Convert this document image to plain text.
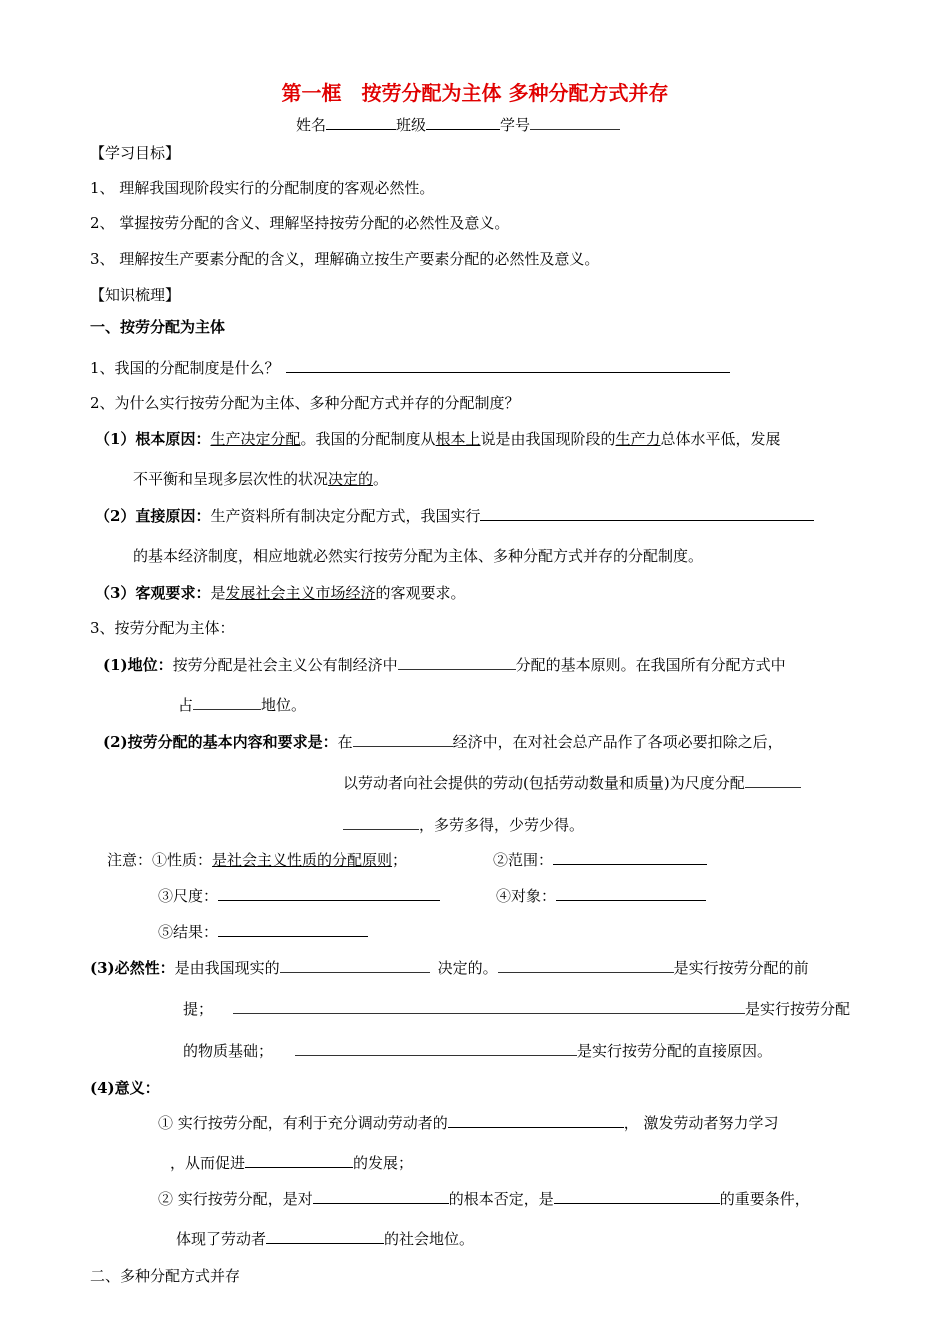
第一框　按劳分配为主体 多种分配方式并存
姓名	班级	学号
【学习目标】
1、 理解我国现阶段实行的分配制度的客观必然性。
2、 掌握按劳分配的含义、理解坚持按劳分配的必然性及意义。
3、 理解按生产要素分配的含义，理解确立按生产要素分配的必然性及意义。
【知识梳理】
一、按劳分配为主体
1、我国的分配制度是什么？
2、为什么实行按劳分配为主体、多种分配方式并存的分配制度？
（1）根本原因：生产决定分配。我国的分配制度从根本上说是由我国现阶段的生产力总体水平低，发展
不平衡和呈现多层次性的状况决定的。
（2）直接原因：生产资料所有制决定分配方式，我国实行
的基本经济制度，相应地就必然实行按劳分配为主体、多种分配方式并存的分配制度。
（3）客观要求：是发展社会主义市场经济的客观要求。
3、按劳分配为主体：
(1)地位：按劳分配是社会主义公有制经济中	分配的基本原则。在我国所有分配方式中
占	地位。
(2)按劳分配的基本内容和要求是：在	经济中，在对社会总产品作了各项必要扣除之后，
以劳动者向社会提供的劳动(包括劳动数量和质量)为尺度分配
，多劳多得，少劳少得。
注意：①性质：是社会主义性质的分配原则；	②范围：
③尺度：	④对象：
⑤结果：
(3)必然性：是由我国现实的	决定的。	是实行按劳分配的前
提；	是实行按劳分配
的物质基础；	是实行按劳分配的直接原因。
(4)意义：
① 实行按劳分配，有利于充分调动劳动者的	， 激发劳动者努力学习
，从而促进	的发展；
② 实行按劳分配，是对	的根本否定，是	的重要条件，
体现了劳动者	的社会地位。
二、多种分配方式并存
